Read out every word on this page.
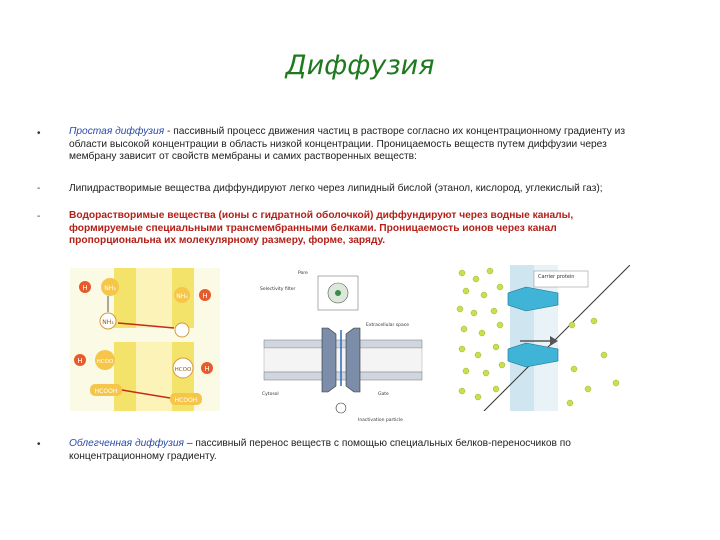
Диффузия
•	Простая диффузия - пассивный процесс движения частиц в растворе согласно их концентрационному градиенту из области высокой концентрации в область низкой концентрации. Проницаемость веществ путем диффузии через мембрану зависит от свойств мембраны и самих растворенных веществ:
-	Липидрастворимые вещества диффундируют легко через липидный бислой (этанол, кислород, углекислый газ);
-	Водорастворимые вещества (ионы с гидратной оболочкой) диффундируют через водные каналы, формируемые специальными трансмембранными белками. Проницаемость ионов через канал пропорциональна их молекулярному размеру, форме, заряду.
H	NH₃
NH₄ H
NH₃
H	HCOO
HCOO H
HCOOH
HCOOH
Pore
Selectivity filter
Extracellular space
Cytosol	Gate
Inactivation particle
Carrier protein
•	Облегченная диффузия – пассивный перенос веществ с помощью специальных белков-переносчиков по концентрационному градиенту.
